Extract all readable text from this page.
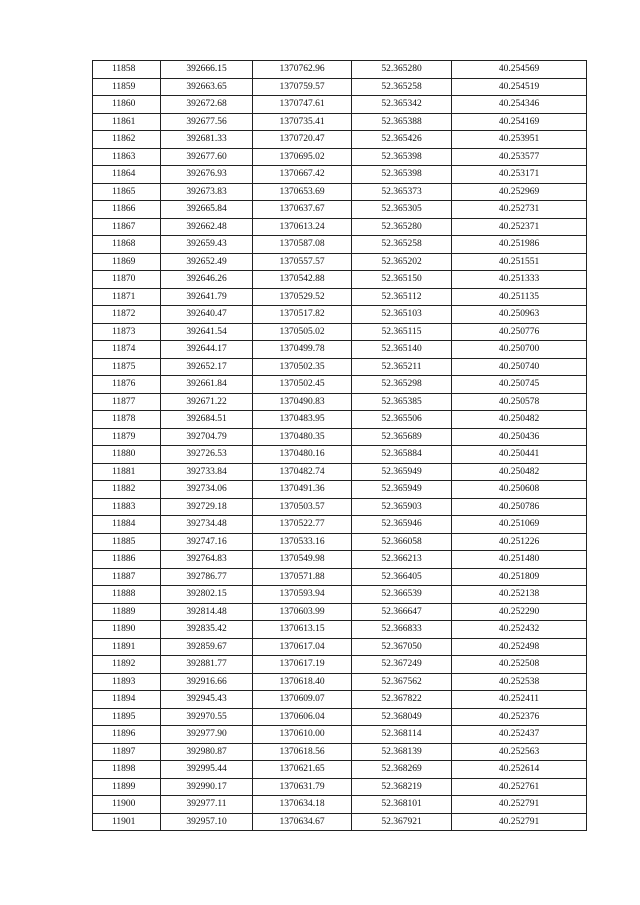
11858	392666.15	1370762.96	52.365280	40.254569
11859	392663.65	1370759.57	52.365258	40.254519
11860	392672.68	1370747.61	52.365342	40.254346
11861	392677.56	1370735.41	52.365388	40.254169
11862	392681.33	1370720.47	52.365426	40.253951
11863	392677.60	1370695.02	52.365398	40.253577
11864	392676.93	1370667.42	52.365398	40.253171
11865	392673.83	1370653.69	52.365373	40.252969
11866	392665.84	1370637.67	52.365305	40.252731
11867	392662.48	1370613.24	52.365280	40.252371
11868	392659.43	1370587.08	52.365258	40.251986
11869	392652.49	1370557.57	52.365202	40.251551
11870	392646.26	1370542.88	52.365150	40.251333
11871	392641.79	1370529.52	52.365112	40.251135
11872	392640.47	1370517.82	52.365103	40.250963
11873	392641.54	1370505.02	52.365115	40.250776
11874	392644.17	1370499.78	52.365140	40.250700
11875	392652.17	1370502.35	52.365211	40.250740
11876	392661.84	1370502.45	52.365298	40.250745
11877	392671.22	1370490.83	52.365385	40.250578
11878	392684.51	1370483.95	52.365506	40.250482
11879	392704.79	1370480.35	52.365689	40.250436
11880	392726.53	1370480.16	52.365884	40.250441
11881	392733.84	1370482.74	52.365949	40.250482
11882	392734.06	1370491.36	52.365949	40.250608
11883	392729.18	1370503.57	52.365903	40.250786
11884	392734.48	1370522.77	52.365946	40.251069
11885	392747.16	1370533.16	52.366058	40.251226
11886	392764.83	1370549.98	52.366213	40.251480
11887	392786.77	1370571.88	52.366405	40.251809
11888	392802.15	1370593.94	52.366539	40.252138
11889	392814.48	1370603.99	52.366647	40.252290
11890	392835.42	1370613.15	52.366833	40.252432
11891	392859.67	1370617.04	52.367050	40.252498
11892	392881.77	1370617.19	52.367249	40.252508
11893	392916.66	1370618.40	52.367562	40.252538
11894	392945.43	1370609.07	52.367822	40.252411
11895	392970.55	1370606.04	52.368049	40.252376
11896	392977.90	1370610.00	52.368114	40.252437
11897	392980.87	1370618.56	52.368139	40.252563
11898	392995.44	1370621.65	52.368269	40.252614
11899	392990.17	1370631.79	52.368219	40.252761
11900	392977.11	1370634.18	52.368101	40.252791
11901	392957.10	1370634.67	52.367921	40.252791
